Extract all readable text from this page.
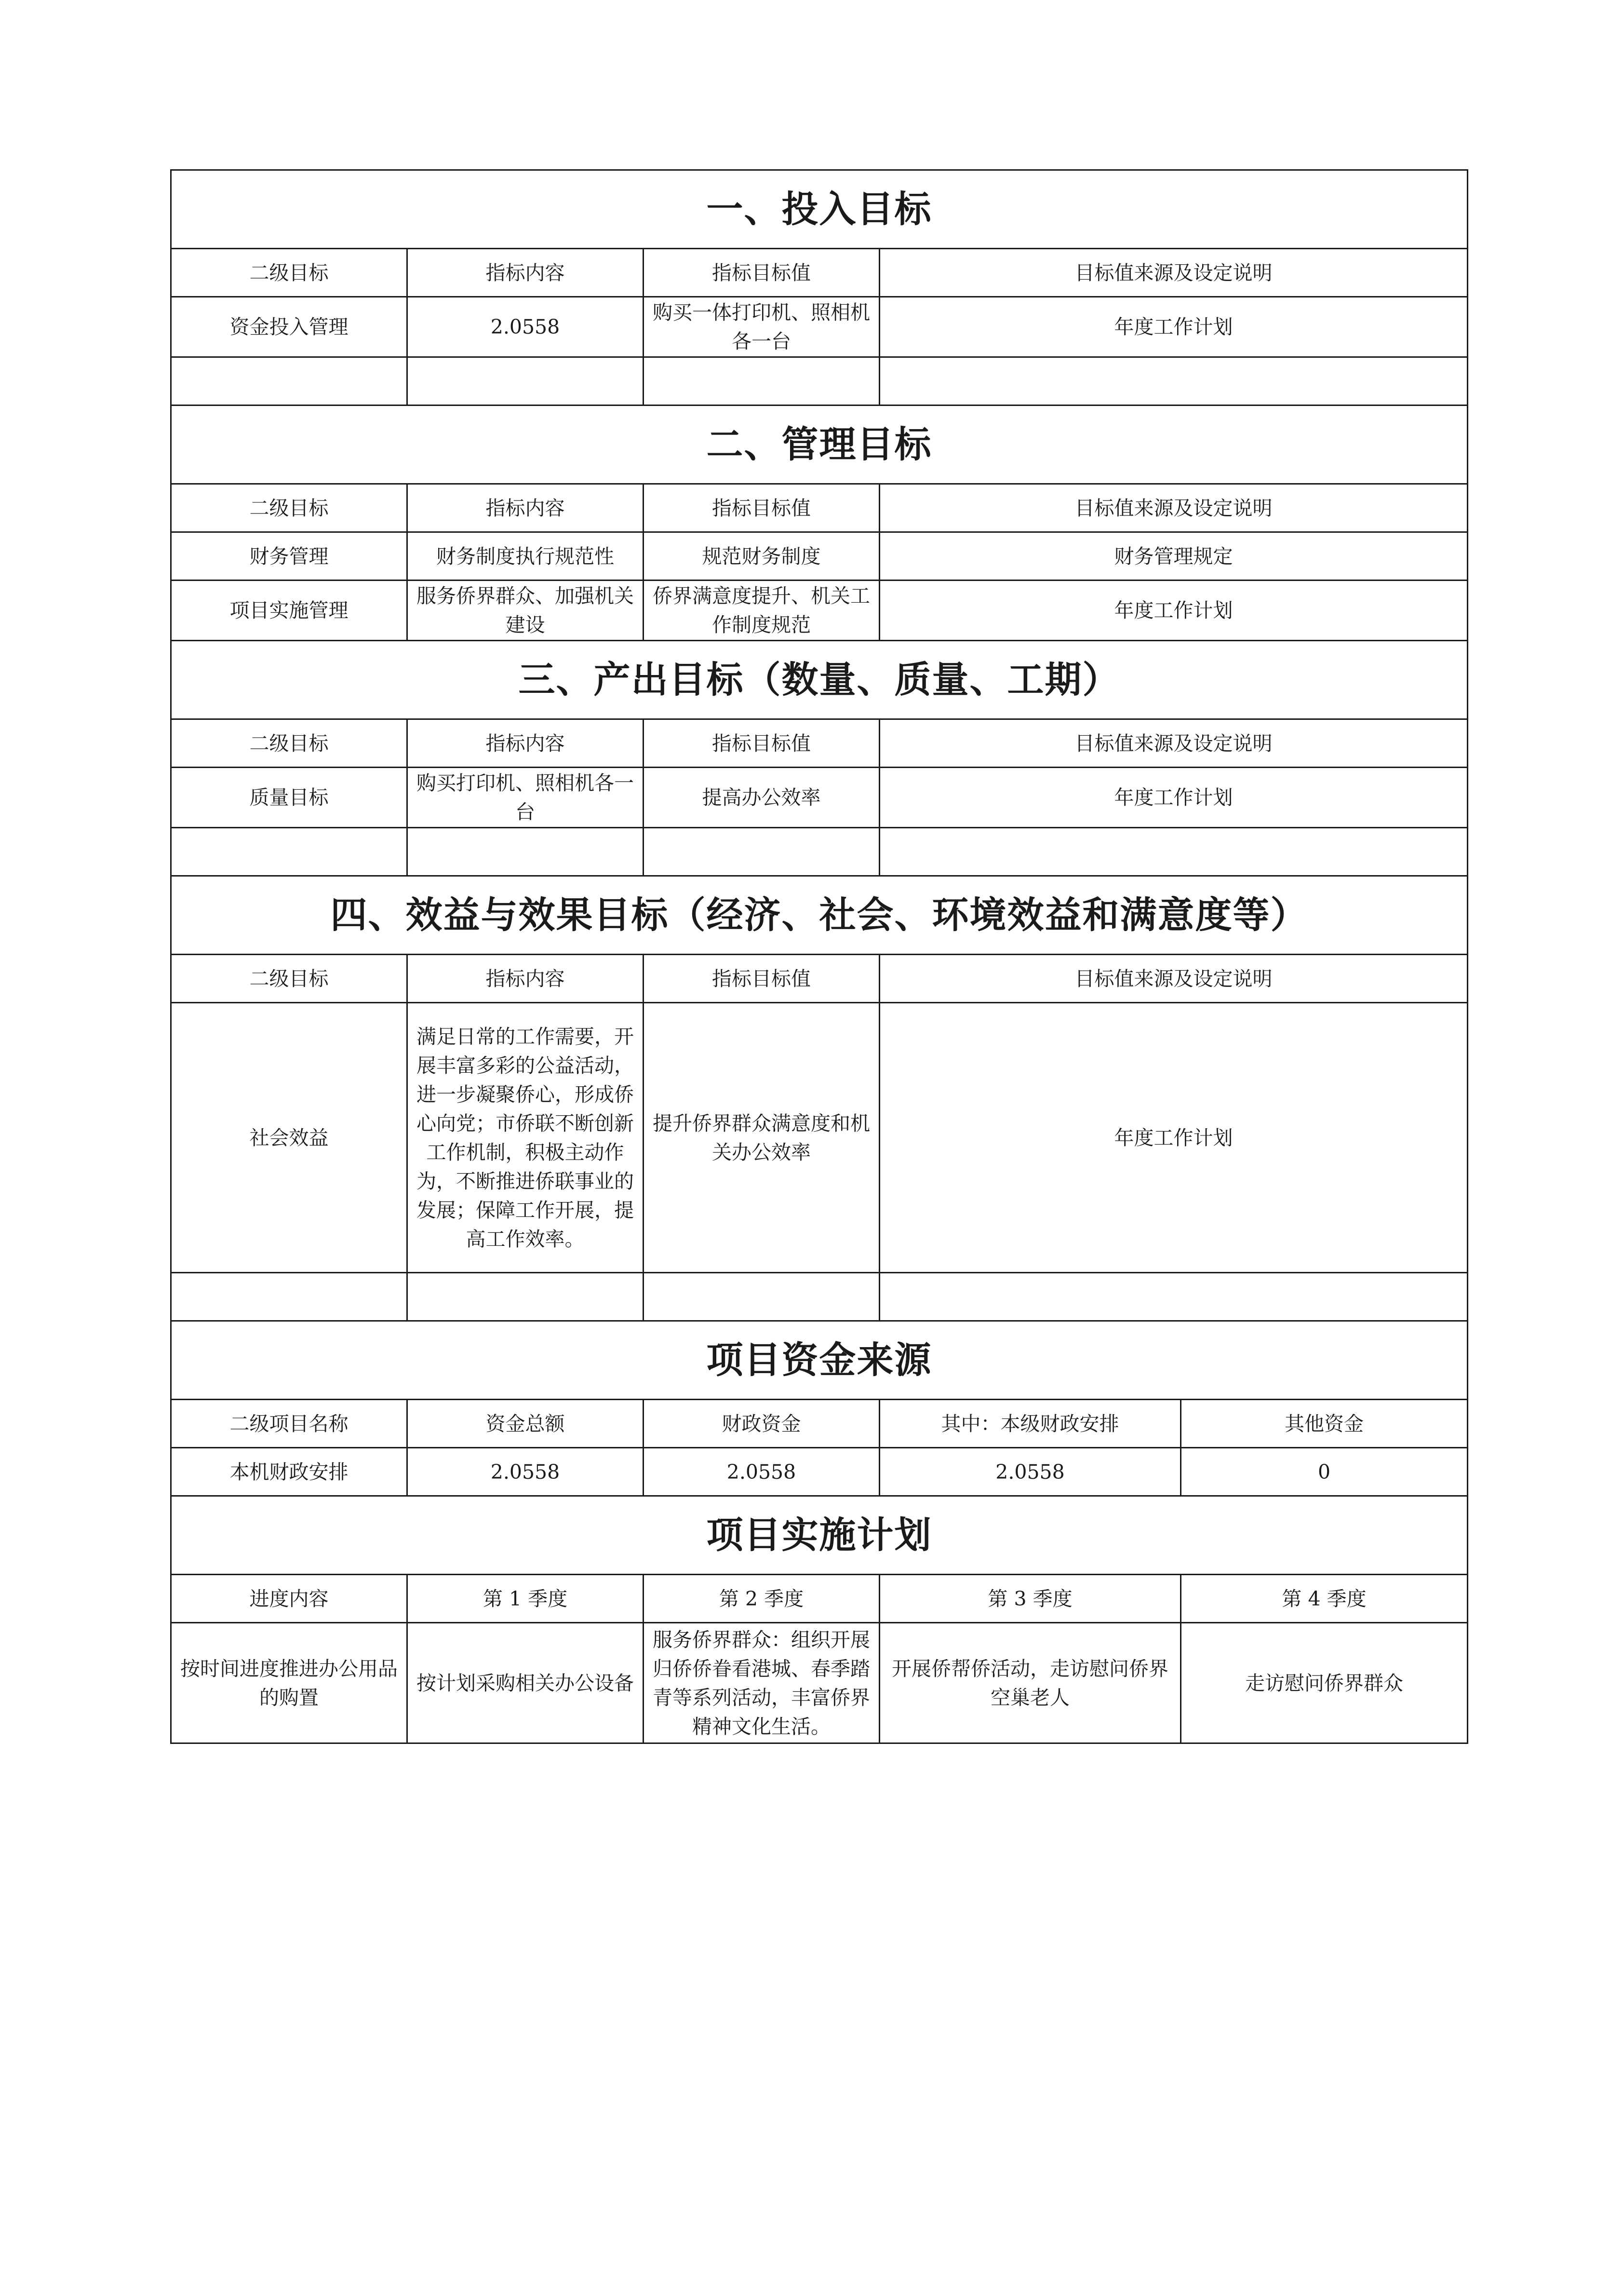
一、投入目标				
二级目标	指标内容	指标目标值	目标值来源及设定说明	
资金投入管理	2.0558	购买一体打印机、照相机各一台	年度工作计划	

二、管理目标				
二级目标	指标内容	指标目标值	目标值来源及设定说明	
财务管理	财务制度执行规范性	规范财务制度	财务管理规定	
项目实施管理	服务侨界群众、加强机关建设	侨界满意度提升、机关工作制度规范	年度工作计划	
三、产出目标（数量、质量、工期）				
二级目标	指标内容	指标目标值	目标值来源及设定说明	
质量目标	购买打印机、照相机各一台	提高办公效率	年度工作计划	

四、效益与效果目标（经济、社会、环境效益和满意度等）				
二级目标	指标内容	指标目标值	目标值来源及设定说明	
社会效益	满足日常的工作需要，开展丰富多彩的公益活动，进一步凝聚侨心，形成侨心向党；市侨联不断创新工作机制，积极主动作为，不断推进侨联事业的发展；保障工作开展，提高工作效率。	提升侨界群众满意度和机关办公效率	年度工作计划	

项目资金来源				
二级项目名称	资金总额	财政资金	其中：本级财政安排	其他资金
本机财政安排	2.0558	2.0558	2.0558	0
项目实施计划				
进度内容	第 1 季度	第 2 季度	第 3 季度	第 4 季度
按时间进度推进办公用品的购置	按计划采购相关办公设备	服务侨界群众：组织开展归侨侨眷看港城、春季踏青等系列活动，丰富侨界精神文化生活。	开展侨帮侨活动，走访慰问侨界空巢老人	走访慰问侨界群众
